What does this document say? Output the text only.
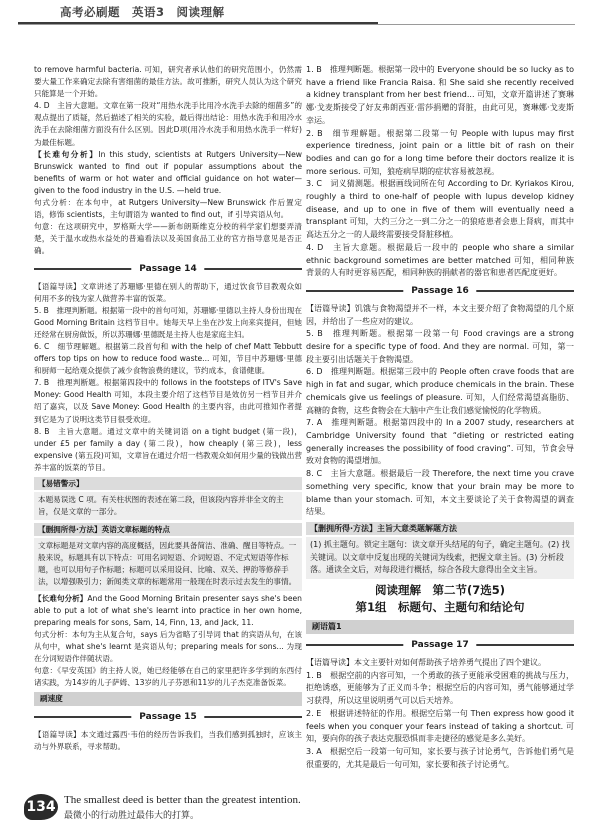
高考必刷题　英语3　阅读理解

to remove harmful bacteria. 可知，研究者承认他们的研究范围小，仍然需要大量工作来确定去除有害细菌的最佳方法。故可推断，研究人员认为这个研究只能算是一个开始。

4. D　主旨大意题。文章在第一段对“用热水洗手比用冷水洗手去除的细菌多”的观点提出了质疑，然后描述了相关的实验，最后得出结论：用热水洗手和用冷水洗手在去除细菌方面没有什么区别。因此D项(用冷水洗手和用热水洗手一样好)为最佳标题。

【长难句分析】In this study, scientists at Rutgers University—New Brunswick wanted to find out if popular assumptions about the benefits of warm or hot water and official guidance on hot water—given to the food industry in the U.S. —held true.

句式分析：在本句中，at Rutgers University—New Brunswick 作后置定语，修饰 scientists，主句谓语为 wanted to find out，if 引导宾语从句。

句意：在这项研究中，罗格斯大学——新布朗斯维克分校的科学家们想要弄清楚，关于温水或热水益处的普遍看法以及美国食品工业的官方指导意见是否正确。

Passage 14

【语篇导读】文章讲述了苏珊娜·里德在别人的帮助下，通过饮食节目教观众如何用不多的钱为家人做营养丰富的饭菜。

5. B　推理判断题。根据第一段中的首句可知，苏珊娜·里德以主持人身份出现在 Good Morning Britain 这档节目中。她每天早上坐在沙发上向来宾提问，但她还经常在厨房做饭，所以苏珊娜·里德既是主持人也是家庭主妇。

6. C　细节理解题。根据第二段首句和 with the help of chef Matt Tebbutt offers top tips on how to reduce food waste... 可知，节目中苏珊娜·里德和厨师一起给观众提供了减少食物浪费的建议，节约成本，食谱健康。

7. B　推理判断题。根据第四段中的 follows in the footsteps of ITV's Save Money: Good Health 可知，本段主要介绍了这档节目是效仿另一档节目并介绍了嘉宾，以及 Save Money: Good Health 的主要内容，由此可推知作者提到它是为了说明这类节目很受欢迎。

8. B　主旨大意题。通过文章中的关键词语 on a tight budget (第一段)，under £5 per family a day (第二段)，how cheaply (第三段)，less expensive (第五段)可知，文章旨在通过介绍一档教观众如何用少量的钱做出营养丰富的饭菜的节目。

【易错警示】
本题易误选 C 项。有关柱状图的表述在第二段，但该段内容并非全文的主旨，仅是文章的一部分。
【删拥所得·方法】英语文章标题的特点
文章标题是对文章内容的高度概括，因此要具备简洁、准确、醒目等特点。一般来说，标题具有以下特点：可用名词短语、介词短语、不定式短语等作标题，也可以用句子作标题；标题可以采用设问、比喻、双关、押韵等修辞手法，以增强吸引力；新闻类文章的标题常用一般现在时表示过去发生的事情。

【长难句分析】And the Good Morning Britain presenter says she's been able to put a lot of what she's learnt into practice in her own home, preparing meals for sons, Sam, 14, Finn, 13, and Jack, 11.

句式分析：本句为主从复合句，says 后为省略了引导词 that 的宾语从句，在该从句中，what she's learnt 是宾语从句；preparing meals for sons... 为现在分词短语作伴随状语。

句意：《早安英国》的主持人说，她已经能够在自己的家里把许多学到的东西付诸实践，为14岁的儿子萨姆、13岁的儿子芬恩和11岁的儿子杰克准备饭菜。

刷速度
Passage 15

【语篇导读】本文通过露西·韦伯的经历告诉我们，当我们感到孤独时，应该主动与外界联系，寻求帮助。

1. B　推理判断题。根据第一段中的 Everyone should be so lucky as to have a friend like Francia Raisa. 和 She said she recently received a kidney transplant from her best friend... 可知，文章开篇讲述了赛琳娜·戈麦斯接受了好友弗朗西亚·雷莎捐赠的肾脏，由此可见，赛琳娜·戈麦斯幸运。

2. B　细节理解题。根据第二段第一句 People with lupus may first experience tiredness, joint pain or a little bit of rash on their bodies and can go for a long time before their doctors realize it is more serious. 可知，狼疮病早期的症状容易被忽视。

3. C　词义猜测题。根据画线词所在句 According to Dr. Kyriakos Kirou, roughly a third to one-half of people with lupus develop kidney disease, and up to one in five of them will eventually need a transplant 可知，大约三分之一到二分之一的狼疮患者会患上肾病，而其中高达五分之一的人最终需要接受肾脏移植。

4. D　主旨大意题。根据最后一段中的 people who share a similar ethnic background sometimes are better matched 可知，相同种族背景的人有时更容易匹配，相同种族的捐献者的器官和患者匹配度更好。

Passage 16

【语篇导读】饥饿与食物渴望并不一样，本文主要介绍了食物渴望的几个原因，并给出了一些应对的建议。

5. B　推理判断题。根据第一段第一句 Food cravings are a strong desire for a specific type of food. And they are normal. 可知，第一段主要引出话题关于食物渴望。

6. D　推理判断题。根据第三段中的 People often crave foods that are high in fat and sugar, which produce chemicals in the brain. These chemicals give us feelings of pleasure. 可知，人们经常渴望高脂肪、高糖的食物，这些食物会在大脑中产生让我们感觉愉悦的化学物质。

7. A　推理判断题。根据第四段中的 In a 2007 study, researchers at Cambridge University found that “dieting or restricted eating generally increases the possibility of food craving”. 可知，节食会导致对食物的渴望增加。

8. C　主旨大意题。根据最后一段 Therefore, the next time you crave something very specific, know that your brain may be more to blame than your stomach. 可知，本文主要谈论了关于食物渴望的调查结果。

【删拥所得·方法】主旨大意类题解题方法
(1) 抓主题句。锁定主题句：读文章开头结尾的句子，确定主题句。(2) 找关键词。以文章中反复出现的关键词为线索，把握文章主旨。(3) 分析段落。通读全文后，对每段进行概括，综合各段大意得出全文主旨。
阅读理解　第二节(7选5)
第1组　标题句、主题句和结论句
刷语篇1
Passage 17

【语篇导读】本文主要针对如何帮助孩子培养勇气提出了四个建议。

1. B　根据空前的内容可知，一个勇敢的孩子更能承受困难的挑战与压力，拒绝诱惑，更能够为了正义而斗争；根据空后的内容可知，勇气能够通过学习获得，所以这里说明勇气可以后天培养。

2. E　根据讲述特征的作用。根据空后第一句 Then express how good it feels when you conquer your fears instead of taking a shortcut. 可知，要向你的孩子表达克服恐惧而非走捷径的感觉是多么美好。

3. A　根据空后一段第一句可知，家长要与孩子讨论勇气，告诉他们勇气是很重要的，尤其是最后一句可知，家长要和孩子讨论勇气。

134 The smallest deed is better than the greatest intention.
最微小的行动胜过最伟大的打算。
